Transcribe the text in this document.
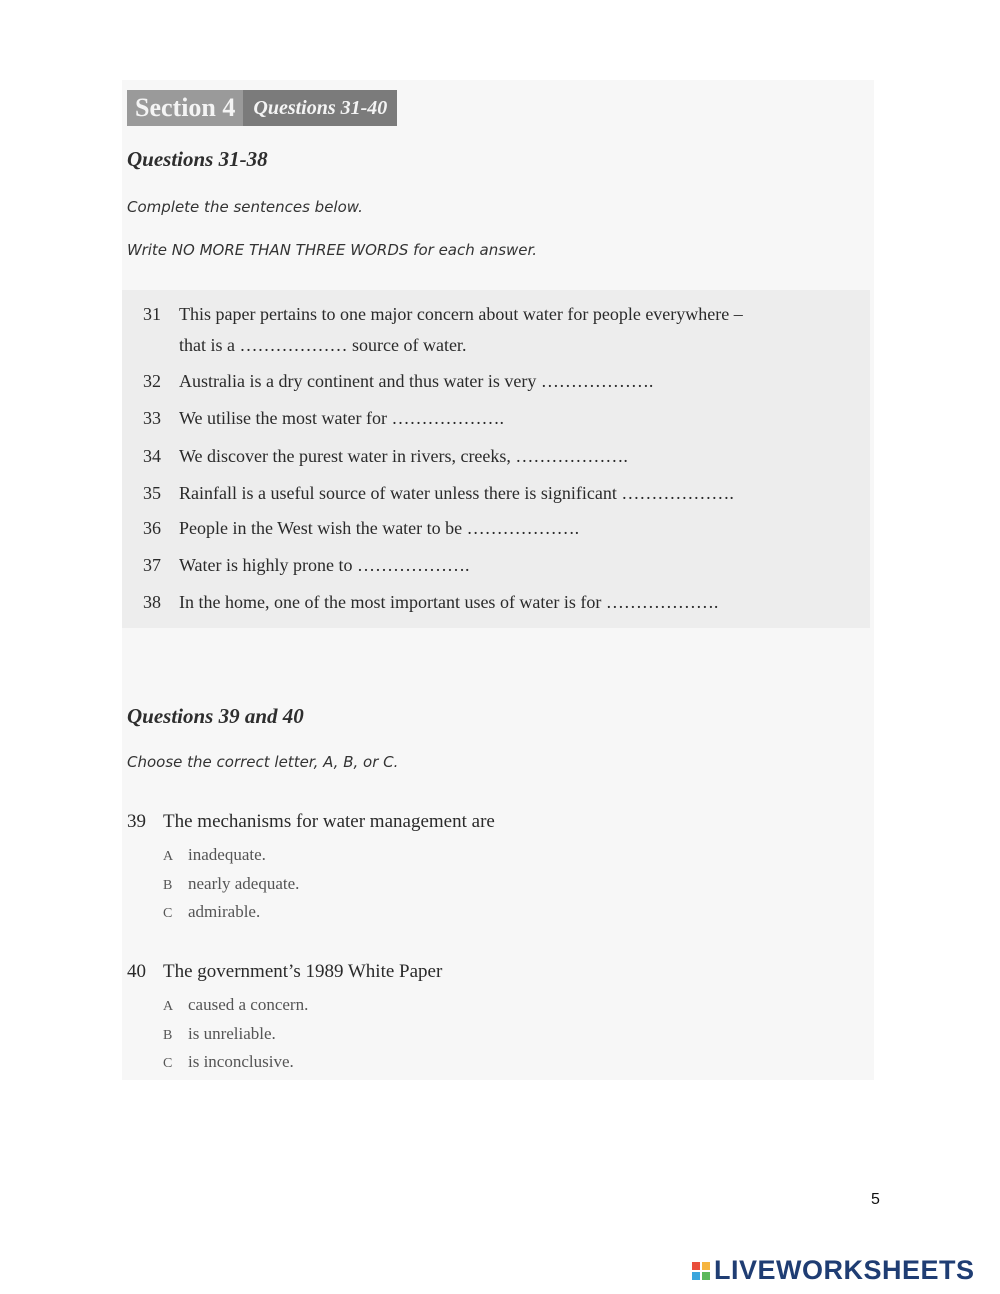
Section 4 Questions 31-40
Questions 31-38
Complete the sentences below.
Write NO MORE THAN THREE WORDS for each answer.
31 This paper pertains to one major concern about water for people everywhere –
that is a ……………… source of water.
32 Australia is a dry continent and thus water is very ……………….
33 We utilise the most water for ……………….
34 We discover the purest water in rivers, creeks, ……………….
35 Rainfall is a useful source of water unless there is significant ……………….
36 People in the West wish the water to be ……………….
37 Water is highly prone to ……………….
38 In the home, one of the most important uses of water is for ……………….
Questions 39 and 40
Choose the correct letter, A, B, or C.
39 The mechanisms for water management are
A inadequate.
B nearly adequate.
C admirable.
40 The government’s 1989 White Paper
A caused a concern.
B is unreliable.
C is inconclusive.
5
LIVEWORKSHEETS
